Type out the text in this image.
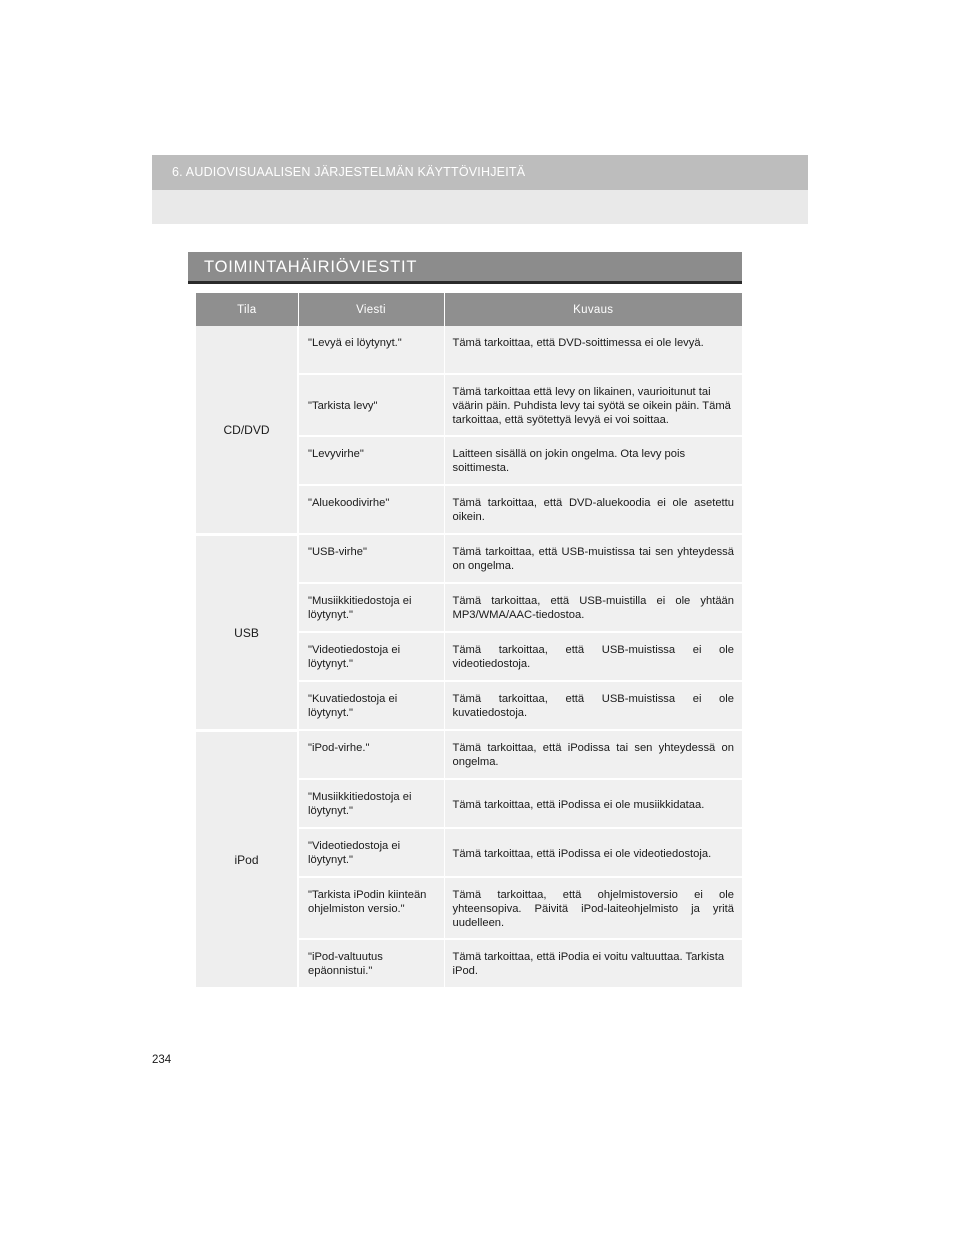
6. AUDIOVISUAALISEN JÄRJESTELMÄN KÄYTTÖVIHJEITÄ
TOIMINTAHÄIRIÖVIESTIT
Tila	Viesti	Kuvaus
CD/DVD	"Levyä ei löytynyt."	Tämä tarkoittaa, että DVD-soittimessa ei ole levyä.
	"Tarkista levy"	Tämä tarkoittaa että levy on likainen, vaurioitunut tai väärin päin. Puhdista levy tai syötä se oikein päin. Tämä tarkoittaa, että syötettyä levyä ei voi soittaa.
	"Levyvirhe"	Laitteen sisällä on jokin ongelma. Ota levy pois soittimesta.
	"Aluekoodivirhe"	Tämä tarkoittaa, että DVD-aluekoodia ei ole asetettu oikein.
USB	"USB-virhe"	Tämä tarkoittaa, että USB-muistissa tai sen yhteydessä on ongelma.
	"Musiikkitiedostoja ei löytynyt."	Tämä tarkoittaa, että USB-muistilla ei ole yhtään MP3/WMA/AAC-tiedostoa.
	"Videotiedostoja ei löytynyt."	Tämä tarkoittaa, että USB-muistissa ei ole videotiedostoja.
	"Kuvatiedostoja ei löytynyt."	Tämä tarkoittaa, että USB-muistissa ei ole kuvatiedostoja.
iPod	"iPod-virhe."	Tämä tarkoittaa, että iPodissa tai sen yhteydessä on ongelma.
	"Musiikkitiedostoja ei löytynyt."	Tämä tarkoittaa, että iPodissa ei ole musiikkidataa.
	"Videotiedostoja ei löytynyt."	Tämä tarkoittaa, että iPodissa ei ole videotiedostoja.
	"Tarkista iPodin kiinteän ohjelmiston versio."	Tämä tarkoittaa, että ohjelmistoversio ei ole yhteensopiva. Päivitä iPod-laiteohjelmisto ja yritä uudelleen.
	"iPod-valtuutus epäonnistui."	Tämä tarkoittaa, että iPodia ei voitu valtuuttaa. Tarkista iPod.
234
